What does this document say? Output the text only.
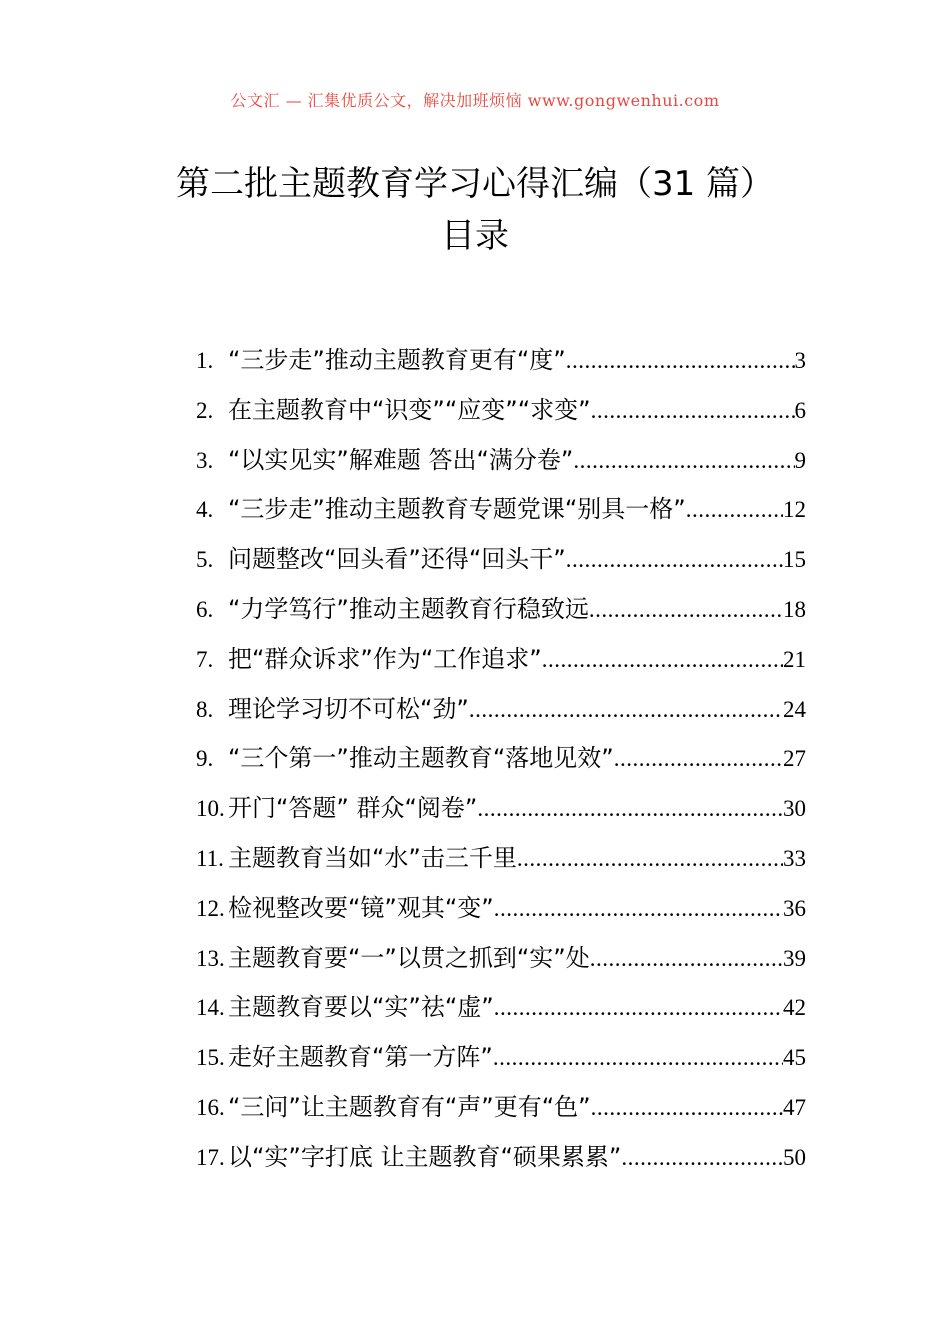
公文汇 — 汇集优质公文，解决加班烦恼 www.gongwenhui.com
第二批主题教育学习心得汇编（31 篇）
目录
1. “三步走”推动主题教育更有“度” .....	3
2. 在主题教育中“识变”“应变”“求变” .....	6
3. “以实见实”解难题 答出“满分卷” .....	9
4. “三步走”推动主题教育专题党课“别具一格” .....	12
5. 问题整改“回头看”还得“回头干” .....	15
6. “力学笃行”推动主题教育行稳致远 .....	18
7. 把“群众诉求”作为“工作追求” .....	21
8. 理论学习切不可松“劲” .....	24
9. “三个第一”推动主题教育“落地见效” .....	27
10. 开门“答题” 群众“阅卷” .....	30
11. 主题教育当如“水”击三千里 .....	33
12. 检视整改要“镜”观其“变” .....	36
13. 主题教育要“一”以贯之抓到“实”处 .....	39
14. 主题教育要以“实”祛“虚” .....	42
15. 走好主题教育“第一方阵” .....	45
16. “三问”让主题教育有“声”更有“色” .....	47
17. 以“实”字打底 让主题教育“硕果累累” .....	50
